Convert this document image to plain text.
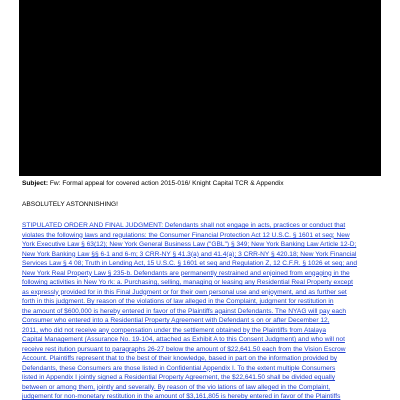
Subject: Fw: Formal appeal for covered action 2015-016/ Knight Capital TCR & Appendix

ABSOLUTELY ASTONNISHING!

STIPULATED ORDER AND FINAL JUDGMENT: Defendants shall not engage in acts, practices or conduct that
violates the following laws and regulations: the Consumer Financial Protection Act 12 U.S.C. § 1601 et seq; New
York Executive Law § 63(12); New York General Business Law ("GBL") § 349; New York Banking Law Article 12-D;
New York Banking Law §§ 6-1 and 6-m; 3 CRR-NY § 41.3(a) and 41.4(a); 3 CRR-NY § 420.18; New York Financial
Services Law § 4 08; Truth in Lending Act, 15 U.S.C. § 1601 et seq and Regulation Z, 12 C.F.R. § 1026 et seq; and
New York Real Property Law § 235-b. Defendants are permanently restrained and enjoined from engaging in the
following activities in New Yo rk: a. Purchasing, selling, managing or leasing any Residential Real Property except
as expressly provided for in this Final Judgment or for their own personal use and enjoyment, and as further set
forth in this judgment. By reason of the violations of law alleged in the Complaint, judgment for restitution in
the amount of $600,000 is hereby entered in favor of the Plaintiffs against Defendants. The NYAG will pay each
Consumer who entered into a Residential Property Agreement with Defendant s on or after December 12,
2011, who did not receive any compensation under the settlement obtained by the Plaintiffs from Atalaya
Capital Management (Assurance No. 19-104, attached as Exhibit A to this Consent Judgment) and who will not
receive rest itution pursuant to paragraphs 26-27 below the amount of $22,641.50 each from the Vision Escrow
Account. Plaintiffs represent that to the best of their knowledge, based in part on the information provided by
Defendants, these Consumers are those listed in Confidential Appendix I. To the extent multiple Consumers
listed in Appendix I jointly signed a Residential Property Agreement, the $22,641.50 shall be divided equally
between or among them, jointly and severally. By reason of the vio lations of law alleged in the Complaint,
judgement for non-monetary restitution in the amount of $3,161,805 is hereby entered in favor of the Plaintiffs
